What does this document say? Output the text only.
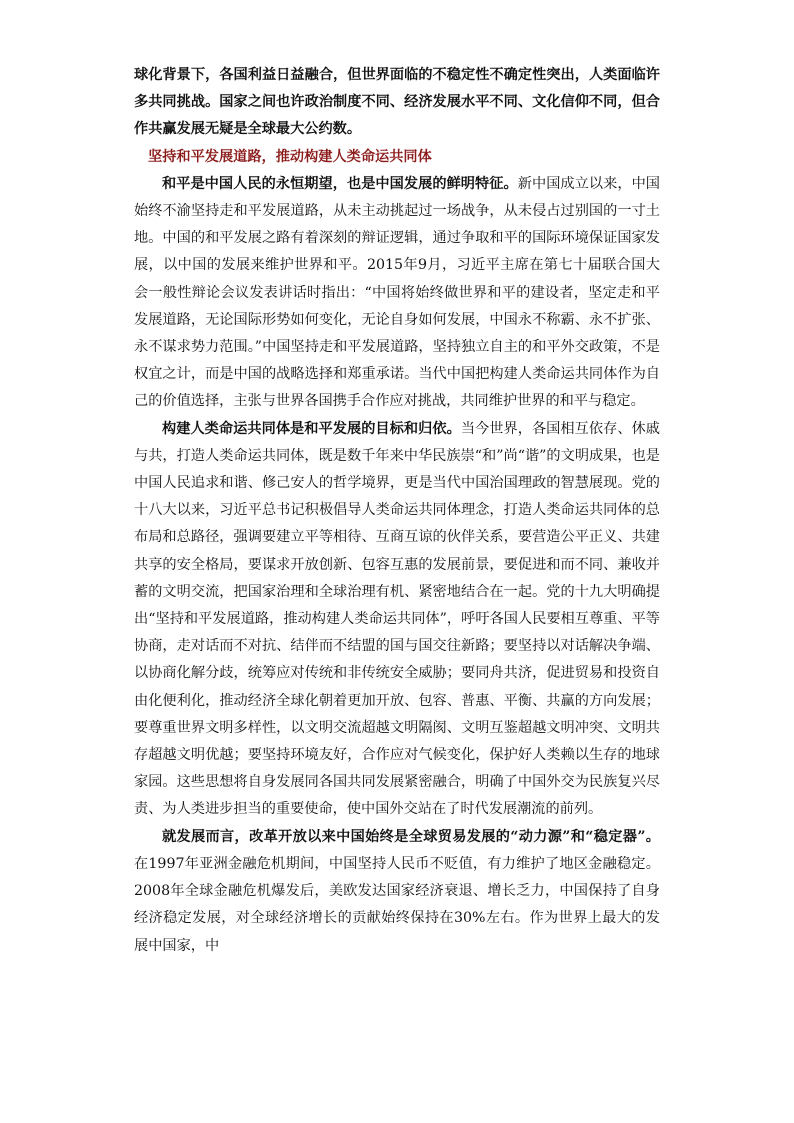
球化背景下，各国利益日益融合，但世界面临的不稳定性不确定性突出，人类面临许多共同挑战。国家之间也许政治制度不同、经济发展水平不同、文化信仰不同，但合作共赢发展无疑是全球最大公约数。

坚持和平发展道路，推动构建人类命运共同体

和平是中国人民的永恒期望，也是中国发展的鲜明特征。新中国成立以来，中国始终不渝坚持走和平发展道路，从未主动挑起过一场战争，从未侵占过别国的一寸土地。中国的和平发展之路有着深刻的辩证逻辑，通过争取和平的国际环境保证国家发展，以中国的发展来维护世界和平。2015年9月，习近平主席在第七十届联合国大会一般性辩论会议发表讲话时指出：“中国将始终做世界和平的建设者，坚定走和平发展道路，无论国际形势如何变化，无论自身如何发展，中国永不称霸、永不扩张、永不谋求势力范围。”中国坚持走和平发展道路，坚持独立自主的和平外交政策，不是权宜之计，而是中国的战略选择和郑重承诺。当代中国把构建人类命运共同体作为自己的价值选择，主张与世界各国携手合作应对挑战，共同维护世界的和平与稳定。

构建人类命运共同体是和平发展的目标和归依。当今世界，各国相互依存、休戚与共，打造人类命运共同体，既是数千年来中华民族崇“和”尚“谐”的文明成果，也是中国人民追求和谐、修己安人的哲学境界，更是当代中国治国理政的智慧展现。党的十八大以来，习近平总书记积极倡导人类命运共同体理念，打造人类命运共同体的总布局和总路径，强调要建立平等相待、互商互谅的伙伴关系，要营造公平正义、共建共享的安全格局，要谋求开放创新、包容互惠的发展前景，要促进和而不同、兼收并蓄的文明交流，把国家治理和全球治理有机、紧密地结合在一起。党的十九大明确提出“坚持和平发展道路，推动构建人类命运共同体”，呼吁各国人民要相互尊重、平等协商，走对话而不对抗、结伴而不结盟的国与国交往新路；要坚持以对话解决争端、以协商化解分歧，统筹应对传统和非传统安全威胁；要同舟共济，促进贸易和投资自由化便利化，推动经济全球化朝着更加开放、包容、普惠、平衡、共赢的方向发展；要尊重世界文明多样性，以文明交流超越文明隔阂、文明互鉴超越文明冲突、文明共存超越文明优越；要坚持环境友好，合作应对气候变化，保护好人类赖以生存的地球家园。这些思想将自身发展同各国共同发展紧密融合，明确了中国外交为民族复兴尽责、为人类进步担当的重要使命，使中国外交站在了时代发展潮流的前列。

就发展而言，改革开放以来中国始终是全球贸易发展的“动力源”和“稳定器”。在1997年亚洲金融危机期间，中国坚持人民币不贬值，有力维护了地区金融稳定。2008年全球金融危机爆发后，美欧发达国家经济衰退、增长乏力，中国保持了自身经济稳定发展，对全球经济增长的贡献始终保持在30%左右。作为世界上最大的发展中国家，中
